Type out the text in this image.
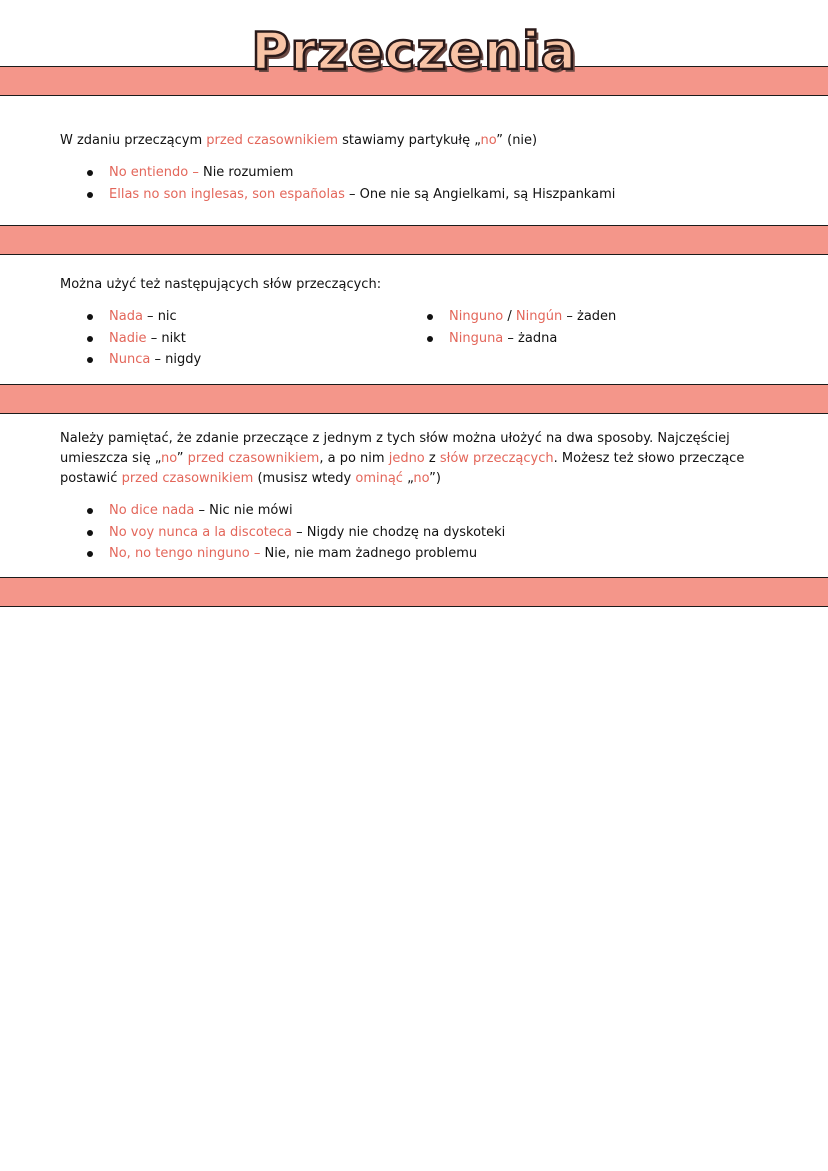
Przeczenia

W zdaniu przeczącym przed czasownikiem stawiamy partykułę „no” (nie)

No entiendo – Nie rozumiem
Ellas no son inglesas, son españolas – One nie są Angielkami, są Hiszpankami

Można użyć też następujących słów przeczących:

Nada – nic
Nadie – nikt
Nunca – nigdy
Ninguno / Ningún – żaden
Ninguna – żadna

Należy pamiętać, że zdanie przeczące z jednym z tych słów można ułożyć na dwa sposoby. Najczęściej umieszcza się „no” przed czasownikiem, a po nim jedno z słów przeczących. Możesz też słowo przeczące postawić przed czasownikiem (musisz wtedy ominąć „no”)

No dice nada – Nic nie mówi
No voy nunca a la discoteca – Nigdy nie chodzę na dyskoteki
No, no tengo ninguno – Nie, nie mam żadnego problemu
